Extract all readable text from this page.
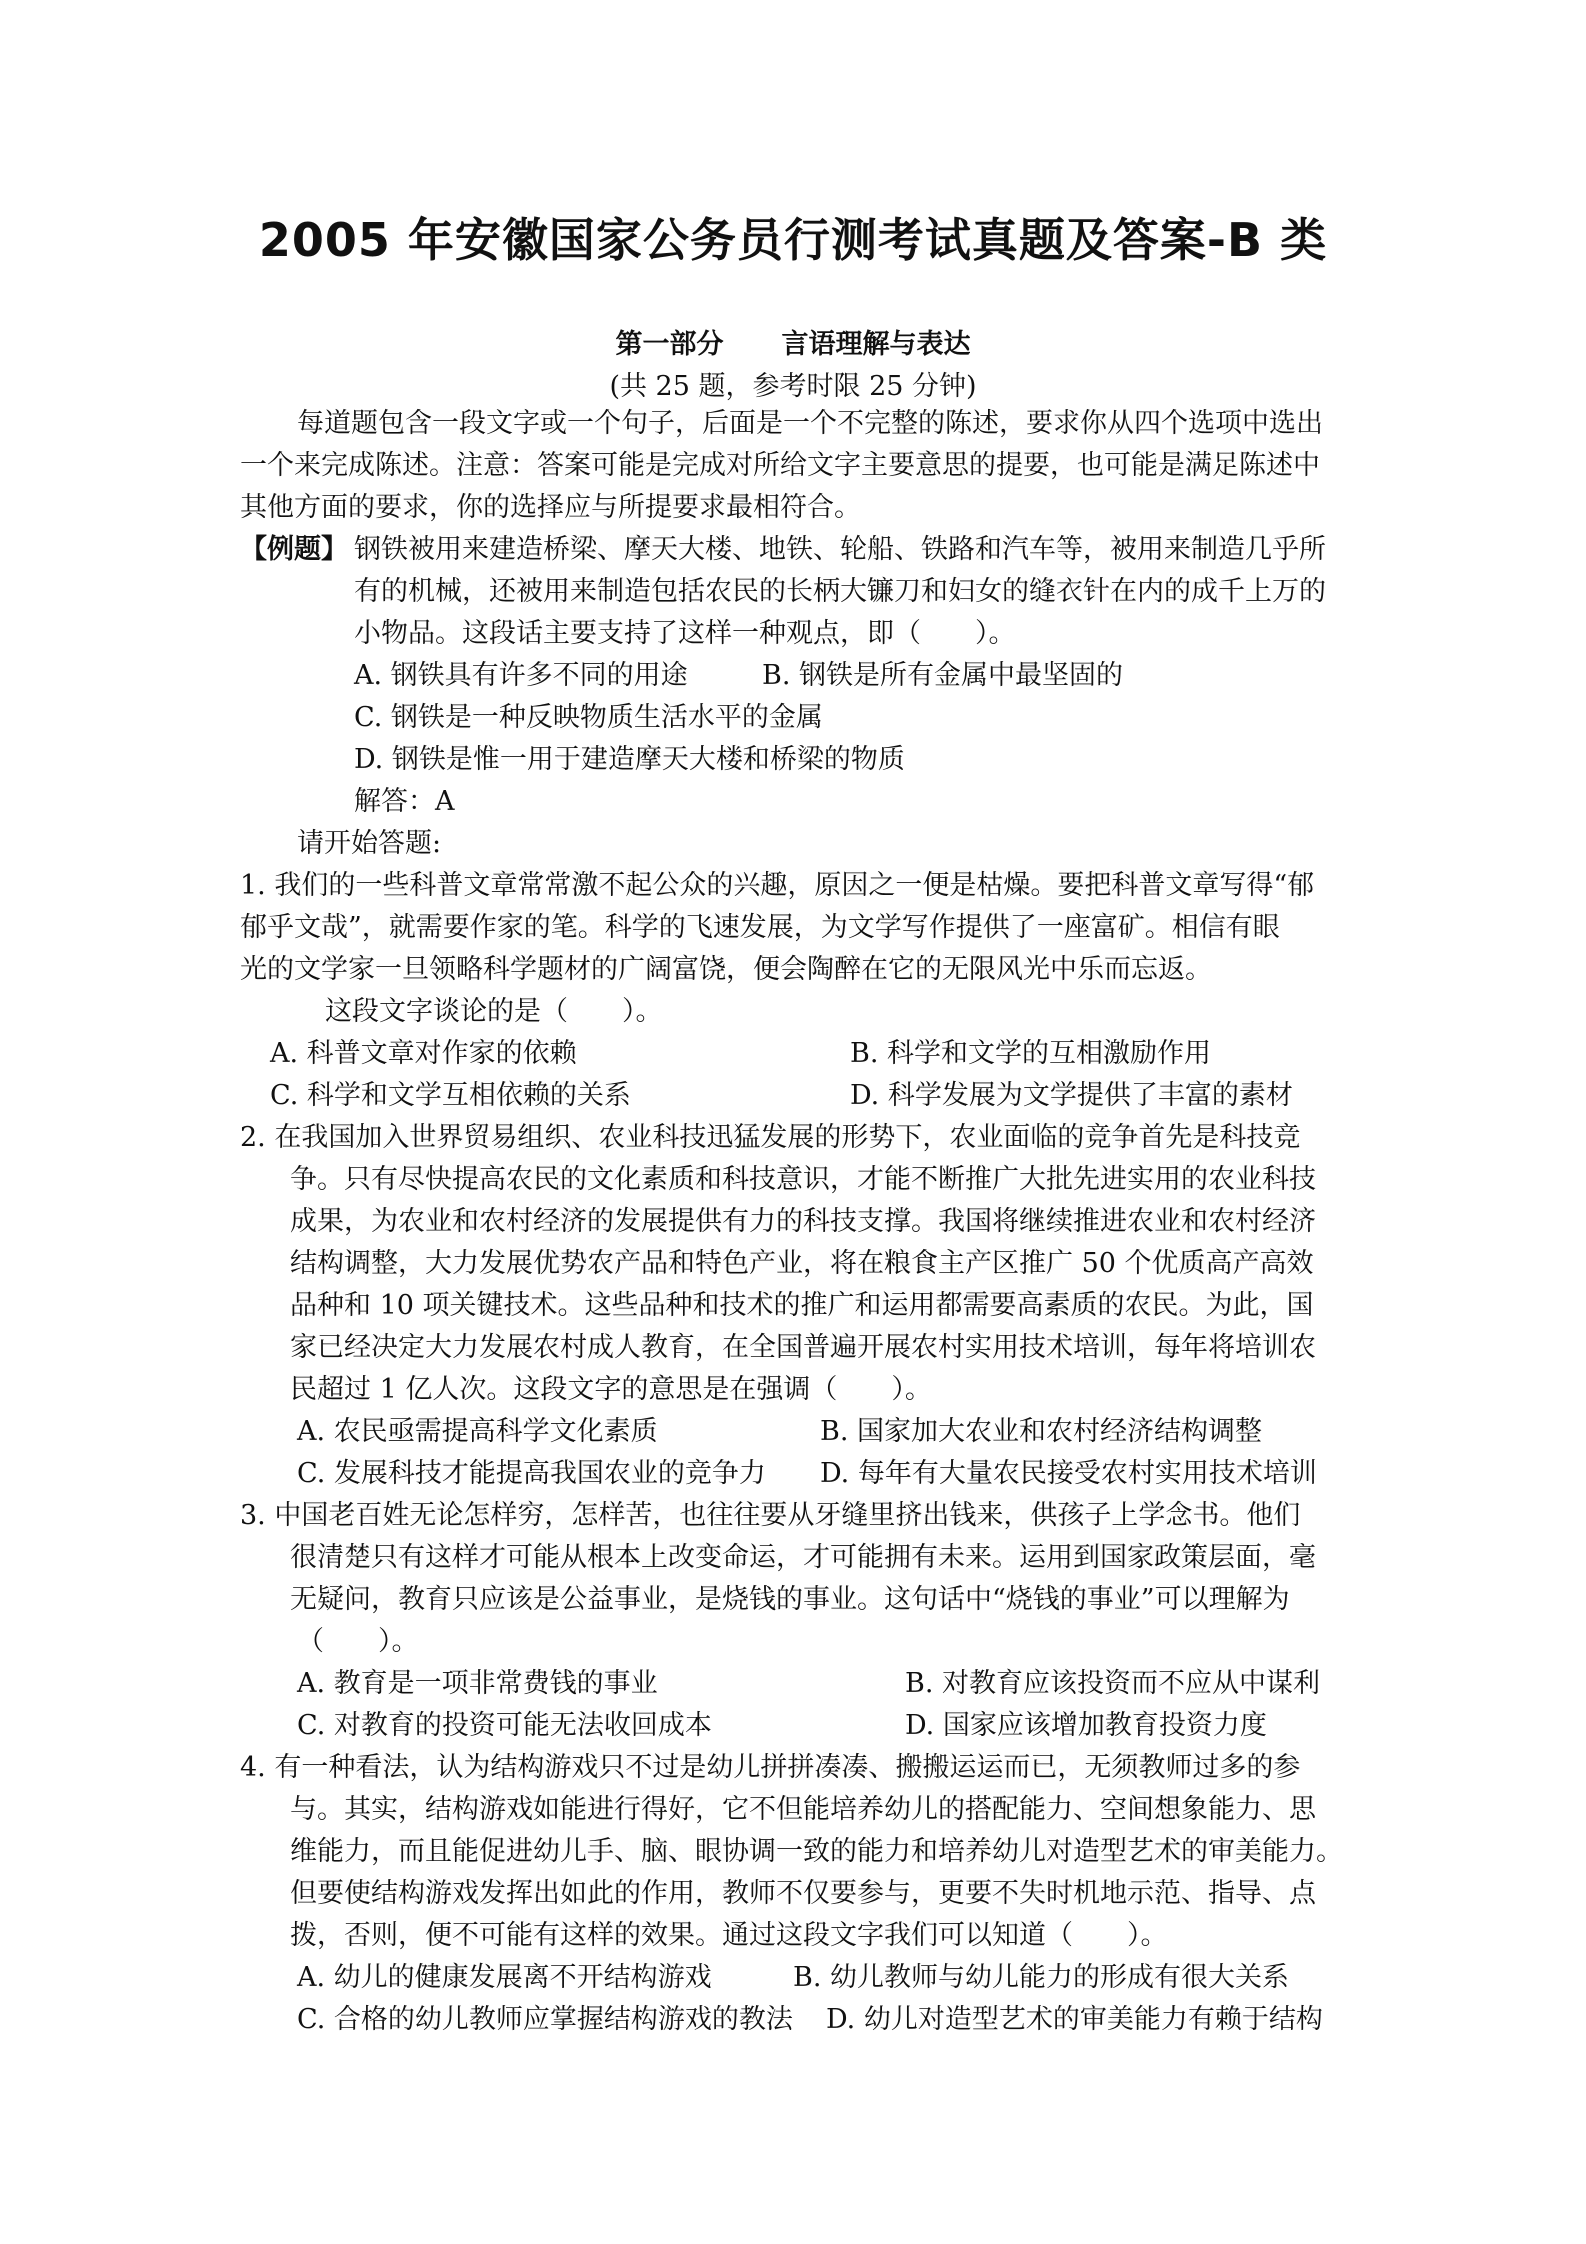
2005 年安徽国家公务员行测考试真题及答案-B 类
第一部分 言语理解与表达
(共 25 题，参考时限 25 分钟)
每道题包含一段文字或一个句子，后面是一个不完整的陈述，要求你从四个选项中选出
一个来完成陈述。注意：答案可能是完成对所给文字主要意思的提要，也可能是满足陈述中
其他方面的要求，你的选择应与所提要求最相符合。
【例题】 钢铁被用来建造桥梁、摩天大楼、地铁、轮船、铁路和汽车等，被用来制造几乎所
有的机械，还被用来制造包括农民的长柄大镰刀和妇女的缝衣针在内的成千上万的
小物品。这段话主要支持了这样一种观点，即（　　）。
A. 钢铁具有许多不同的用途	B. 钢铁是所有金属中最坚固的
C. 钢铁是一种反映物质生活水平的金属
D. 钢铁是惟一用于建造摩天大楼和桥梁的物质
解答：A
请开始答题:
1. 我们的一些科普文章常常激不起公众的兴趣，原因之一便是枯燥。要把科普文章写得“郁
郁乎文哉”，就需要作家的笔。科学的飞速发展，为文学写作提供了一座富矿。相信有眼
光的文学家一旦领略科学题材的广阔富饶，便会陶醉在它的无限风光中乐而忘返。
这段文字谈论的是（　　）。
A. 科普文章对作家的依赖	B. 科学和文学的互相激励作用
C. 科学和文学互相依赖的关系	D. 科学发展为文学提供了丰富的素材
2. 在我国加入世界贸易组织、农业科技迅猛发展的形势下，农业面临的竞争首先是科技竞
争。只有尽快提高农民的文化素质和科技意识，才能不断推广大批先进实用的农业科技
成果，为农业和农村经济的发展提供有力的科技支撑。我国将继续推进农业和农村经济
结构调整，大力发展优势农产品和特色产业，将在粮食主产区推广 50 个优质高产高效
品种和 10 项关键技术。这些品种和技术的推广和运用都需要高素质的农民。为此，国
家已经决定大力发展农村成人教育，在全国普遍开展农村实用技术培训，每年将培训农
民超过 1 亿人次。这段文字的意思是在强调（　　）。
A. 农民亟需提高科学文化素质	B. 国家加大农业和农村经济结构调整
C. 发展科技才能提高我国农业的竞争力 D. 每年有大量农民接受农村实用技术培训
3. 中国老百姓无论怎样穷，怎样苦，也往往要从牙缝里挤出钱来，供孩子上学念书。他们
很清楚只有这样才可能从根本上改变命运，才可能拥有未来。运用到国家政策层面，毫
无疑问，教育只应该是公益事业，是烧钱的事业。这句话中“烧钱的事业”可以理解为
（　　）。
A. 教育是一项非常费钱的事业	B. 对教育应该投资而不应从中谋利
C. 对教育的投资可能无法收回成本	D. 国家应该增加教育投资力度
4. 有一种看法，认为结构游戏只不过是幼儿拼拼凑凑、搬搬运运而已，无须教师过多的参
与。其实，结构游戏如能进行得好，它不但能培养幼儿的搭配能力、空间想象能力、思
维能力，而且能促进幼儿手、脑、眼协调一致的能力和培养幼儿对造型艺术的审美能力。
但要使结构游戏发挥出如此的作用，教师不仅要参与，更要不失时机地示范、指导、点
拨，否则，便不可能有这样的效果。通过这段文字我们可以知道（　　）。
A. 幼儿的健康发展离不开结构游戏	B. 幼儿教师与幼儿能力的形成有很大关系
C. 合格的幼儿教师应掌握结构游戏的教法 D. 幼儿对造型艺术的审美能力有赖于结构
